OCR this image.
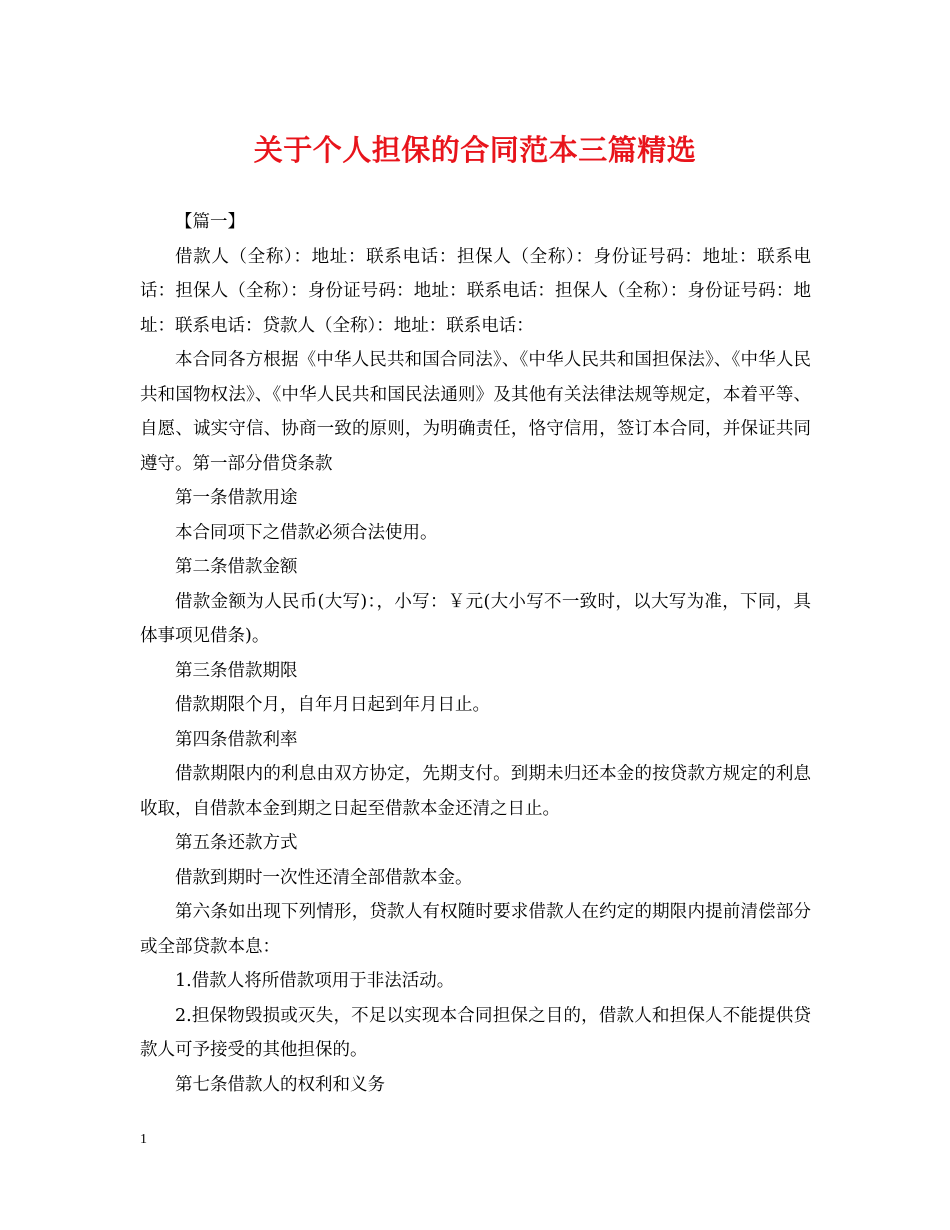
关于个人担保的合同范本三篇精选

【篇一】

借款人（全称）：地址：联系电话：担保人（全称）：身份证号码：地址：联系电话：担保人（全称）：身份证号码：地址：联系电话：担保人（全称）：身份证号码：地址：联系电话：贷款人（全称）：地址：联系电话：

本合同各方根据《中华人民共和国合同法》、《中华人民共和国担保法》、《中华人民共和国物权法》、《中华人民共和国民法通则》及其他有关法律法规等规定，本着平等、自愿、诚实守信、协商一致的原则，为明确责任，恪守信用，签订本合同，并保证共同遵守。第一部分借贷条款

第一条借款用途

本合同项下之借款必须合法使用。

第二条借款金额

借款金额为人民币(大写)：，小写：￥元(大小写不一致时，以大写为准，下同，具体事项见借条)。

第三条借款期限

借款期限个月，自年月日起到年月日止。

第四条借款利率

借款期限内的利息由双方协定，先期支付。到期未归还本金的按贷款方规定的利息收取，自借款本金到期之日起至借款本金还清之日止。

第五条还款方式

借款到期时一次性还清全部借款本金。

第六条如出现下列情形，贷款人有权随时要求借款人在约定的期限内提前清偿部分或全部贷款本息：

1.借款人将所借款项用于非法活动。

2.担保物毁损或灭失，不足以实现本合同担保之目的，借款人和担保人不能提供贷款人可予接受的其他担保的。

第七条借款人的权利和义务

1
